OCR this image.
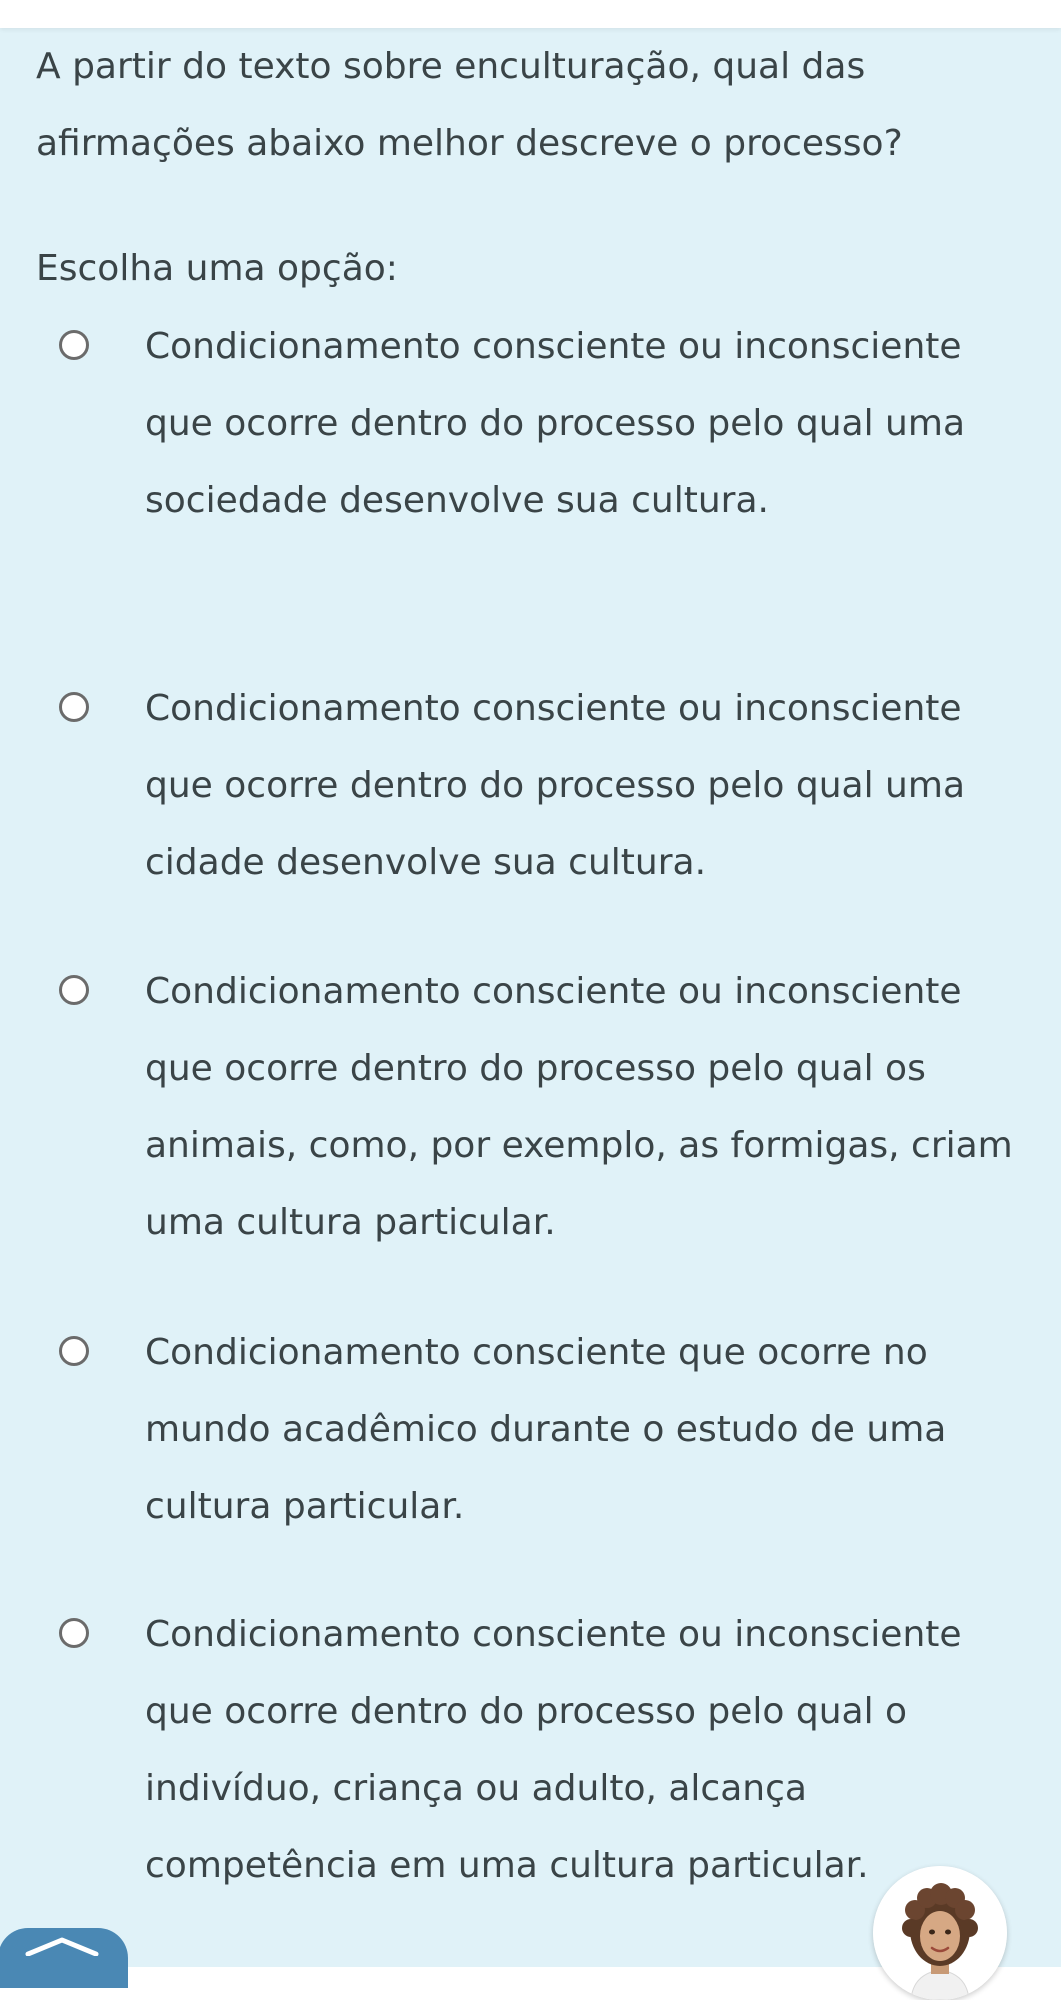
A partir do texto sobre enculturação, qual das afirmações abaixo melhor descreve o processo?

Escolha uma opção:

Condicionamento consciente ou inconsciente que ocorre dentro do processo pelo qual uma sociedade desenvolve sua cultura.
Condicionamento consciente ou inconsciente que ocorre dentro do processo pelo qual uma cidade desenvolve sua cultura.
Condicionamento consciente ou inconsciente que ocorre dentro do processo pelo qual os animais, como, por exemplo, as formigas, criam uma cultura particular.
Condicionamento consciente que ocorre no mundo acadêmico durante o estudo de uma cultura particular.
Condicionamento consciente ou inconsciente que ocorre dentro do processo pelo qual o indivíduo, criança ou adulto, alcança competência em uma cultura particular.
